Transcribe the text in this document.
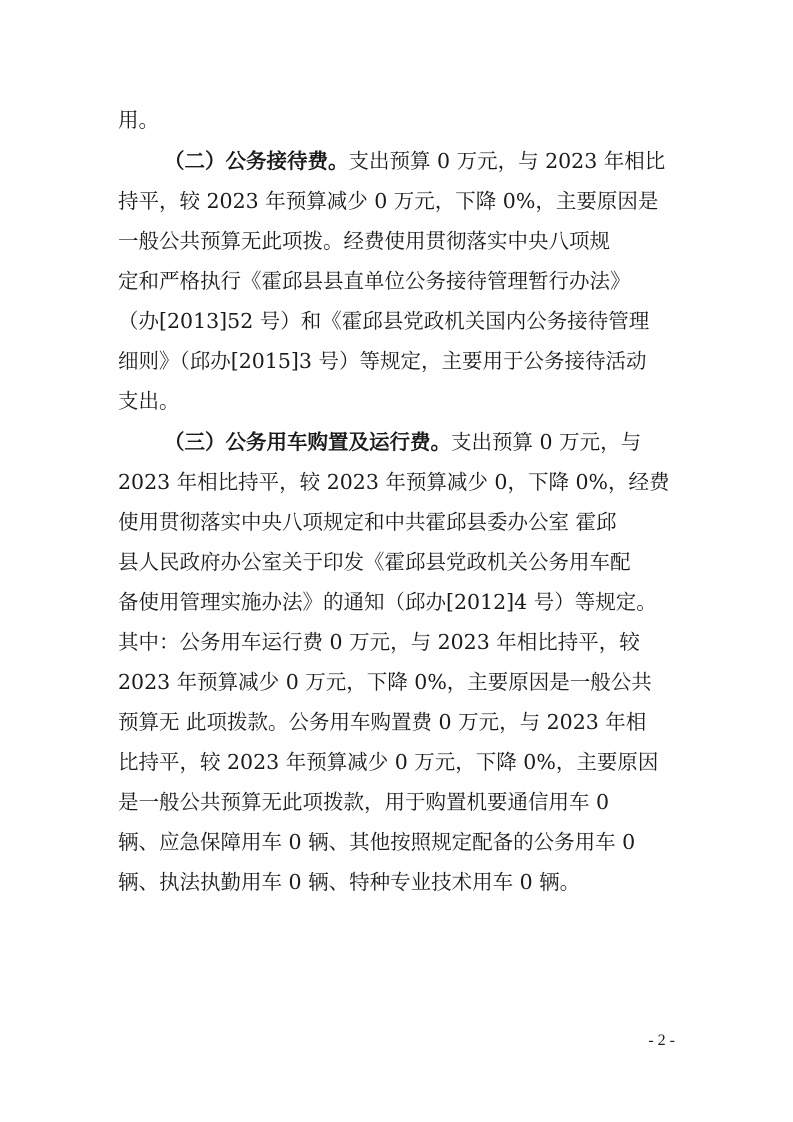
用。
（二）公务接待费。支出预算 0 万元，与 2023 年相比
持平，较 2023 年预算减少 0 万元，下降 0%，主要原因是
一般公共预算无此项拨。经费使用贯彻落实中央八项规
定和严格执行《霍邱县县直单位公务接待管理暂行办法》
（办[2013]52 号）和《霍邱县党政机关国内公务接待管理
细则》（邱办[2015]3 号）等规定，主要用于公务接待活动
支出。
（三）公务用车购置及运行费。支出预算 0 万元，与
2023 年相比持平，较 2023 年预算减少 0，下降 0%，经费
使用贯彻落实中央八项规定和中共霍邱县委办公室 霍邱
县人民政府办公室关于印发《霍邱县党政机关公务用车配
备使用管理实施办法》的通知（邱办[2012]4 号）等规定。
其中：公务用车运行费 0 万元，与 2023 年相比持平，较
2023 年预算减少 0 万元，下降 0%，主要原因是一般公共
预算无 此项拨款。公务用车购置费 0 万元，与 2023 年相
比持平，较 2023 年预算减少 0 万元，下降 0%，主要原因
是一般公共预算无此项拨款，用于购置机要通信用车 0
辆、应急保障用车 0 辆、其他按照规定配备的公务用车 0
辆、执法执勤用车 0 辆、特种专业技术用车 0 辆。
- 2 -
